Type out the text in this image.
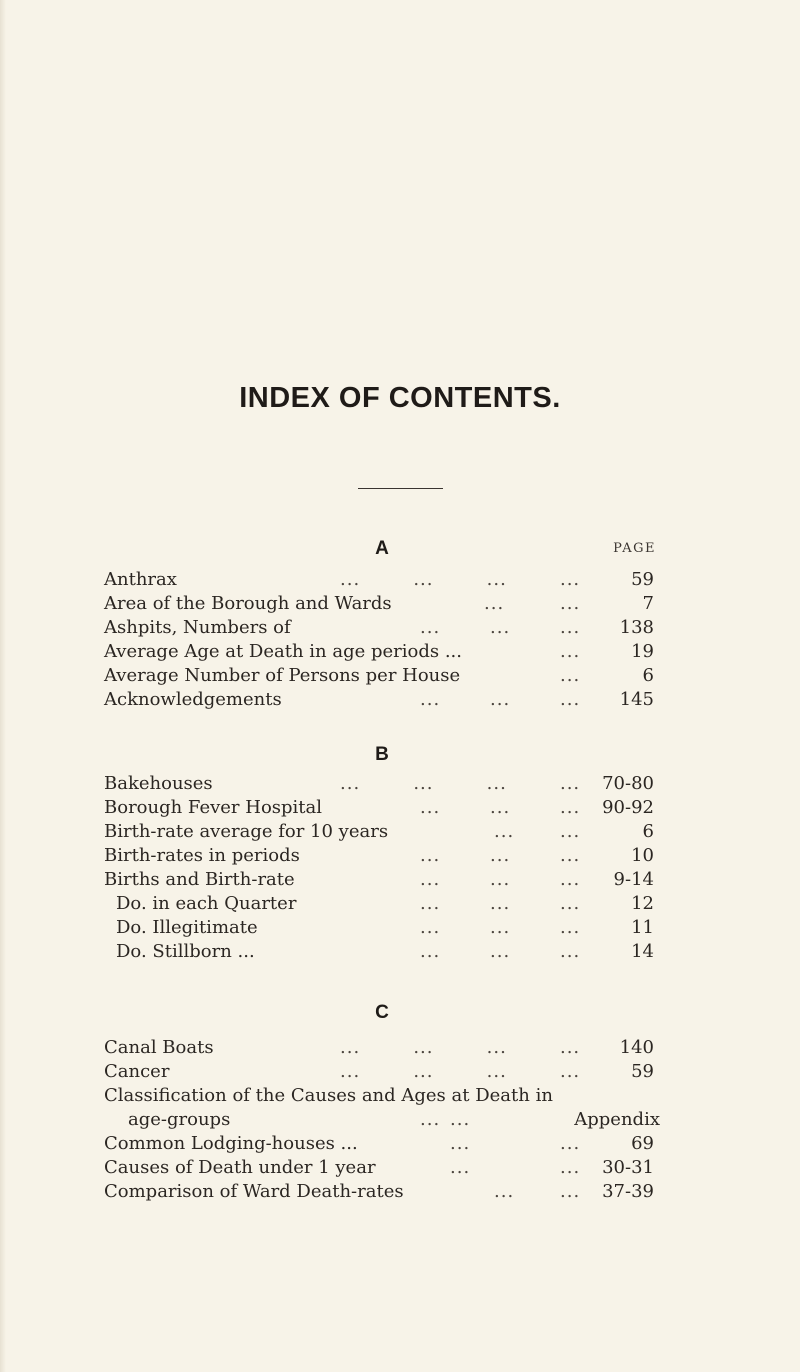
INDEX OF CONTENTS.
A	PAGE
Anthrax	...	...	...	...	59
Area of the Borough and Wards	...	...	7
Ashpits, Numbers of	...	...	...	138
Average Age at Death in age periods ...	...	19
Average Number of Persons per House	...	6
Acknowledgements	...	...	...	145
B
Bakehouses	...	...	...	...	70-80
Borough Fever Hospital	...	...	...	90-92
Birth-rate average for 10 years	...	...	6
Birth-rates in periods	...	...	...	10
Births and Birth-rate	...	...	...	9-14
Do. in each Quarter	...	...	...	12
Do. Illegitimate	...	...	...	11
Do. Stillborn ...	...	...	...	14
C
Canal Boats	...	...	...	...	140
Cancer	...	...	...	...	59
Classification of the Causes and Ages at Death in
age-groups	... ...	Appendix
Common Lodging-houses ...	...	...	69
Causes of Death under 1 year	...	...	30-31
Comparison of Ward Death-rates	...	...	37-39
